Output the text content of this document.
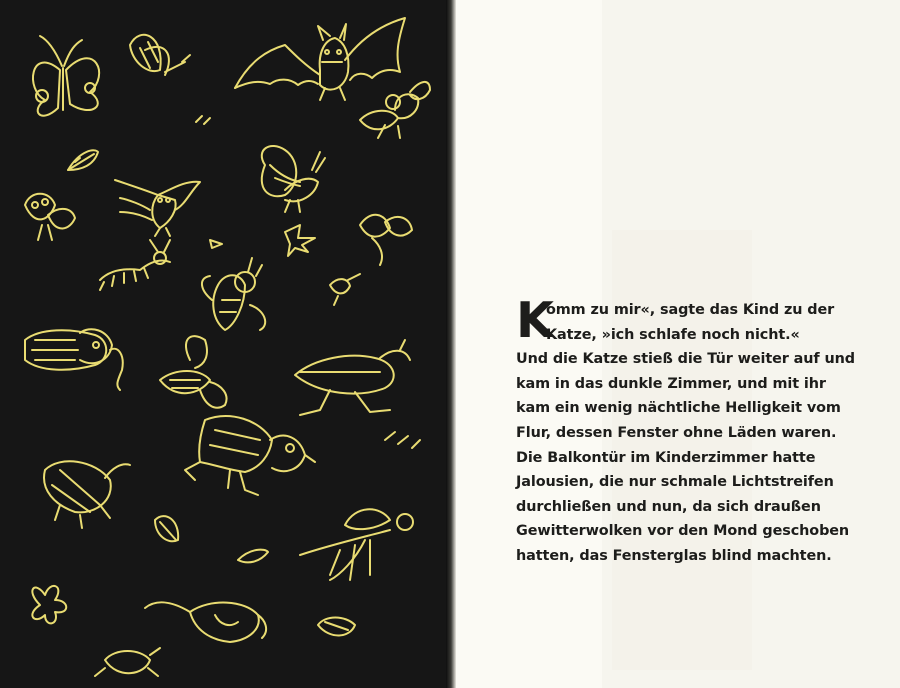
K
omm zu mir«, sagte das Kind zu der
Katze, »ich schlafe noch nicht.«
Und die Katze stieß die Tür weiter auf und
kam in das dunkle Zimmer, und mit ihr
kam ein wenig nächtliche Helligkeit vom
Flur, dessen Fenster ohne Läden waren.
Die Balkontür im Kinderzimmer hatte
Jalousien, die nur schmale Lichtstreifen
durchließen und nun, da sich draußen
Gewitterwolken vor den Mond geschoben
hatten, das Fensterglas blind machten.
